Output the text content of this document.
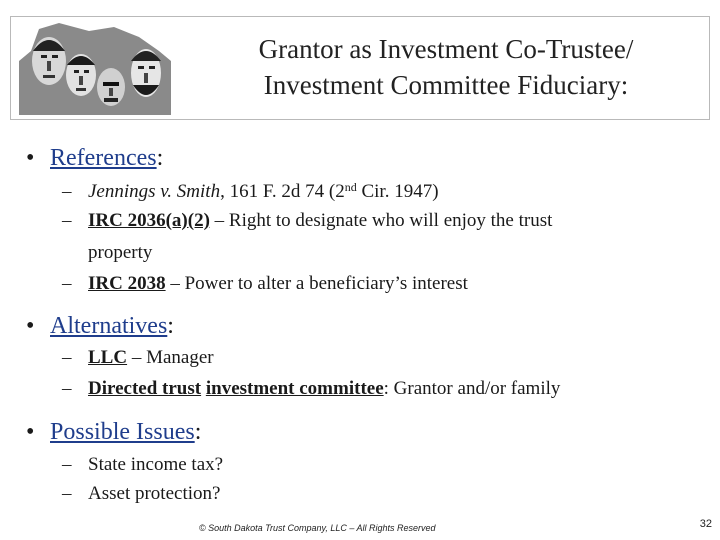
Grantor as Investment Co-Trustee/
Investment Committee Fiduciary:
• References:
– Jennings v. Smith, 161 F. 2d 74 (2nd Cir. 1947)
– IRC 2036(a)(2) – Right to designate who will enjoy the trust
property
– IRC 2038 – Power to alter a beneficiary’s interest
• Alternatives:
– LLC – Manager
– Directed trust investment committee: Grantor and/or family
• Possible Issues:
– State income tax?
– Asset protection?
© South Dakota Trust Company, LLC – All Rights Reserved	32
